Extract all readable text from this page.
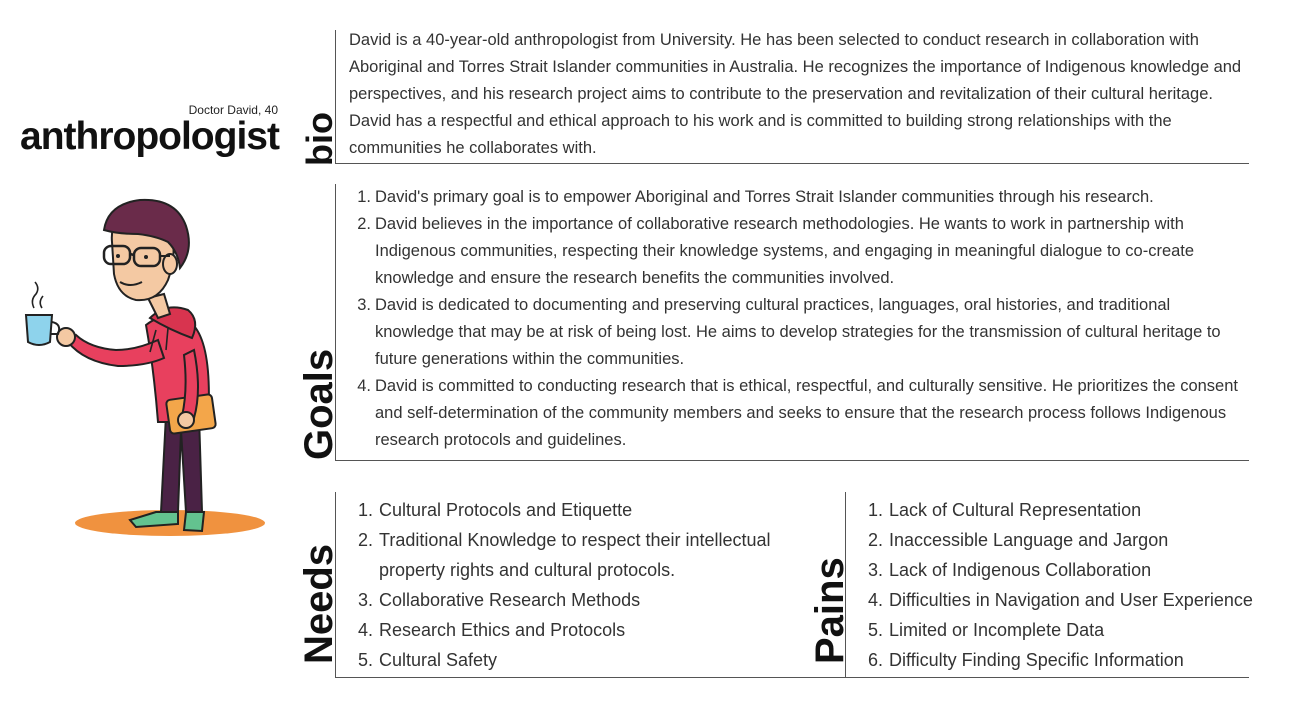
Doctor David, 40
anthropologist bio

David is a 40-year-old anthropologist from University. He has been selected to conduct research in collaboration with Aboriginal and Torres Strait Islander communities in Australia. He recognizes the importance of Indigenous knowledge and perspectives, and his research project aims to contribute to the preservation and revitalization of their cultural heritage. David has a respectful and ethical approach to his work and is committed to building strong relationships with the communities he collaborates with.

Goals
David's primary goal is to empower Aboriginal and Torres Strait Islander communities through his research.
David believes in the importance of collaborative research methodologies. He wants to work in partnership with Indigenous communities, respecting their knowledge systems, and engaging in meaningful dialogue to co-create knowledge and ensure the research benefits the communities involved.
David is dedicated to documenting and preserving cultural practices, languages, oral histories, and traditional knowledge that may be at risk of being lost. He aims to develop strategies for the transmission of cultural heritage to future generations within the communities.
David is committed to conducting research that is ethical, respectful, and culturally sensitive. He prioritizes the consent and self-determination of the community members and seeks to ensure that the research process follows Indigenous research protocols and guidelines.
Needs
Cultural Protocols and Etiquette
Traditional Knowledge to respect their intellectual property rights and cultural protocols.
Collaborative Research Methods
Research Ethics and Protocols
Cultural Safety	Pains
Lack of Cultural Representation
Inaccessible Language and Jargon
Lack of Indigenous Collaboration
Difficulties in Navigation and User Experience
Limited or Incomplete Data
Difficulty Finding Specific Information
